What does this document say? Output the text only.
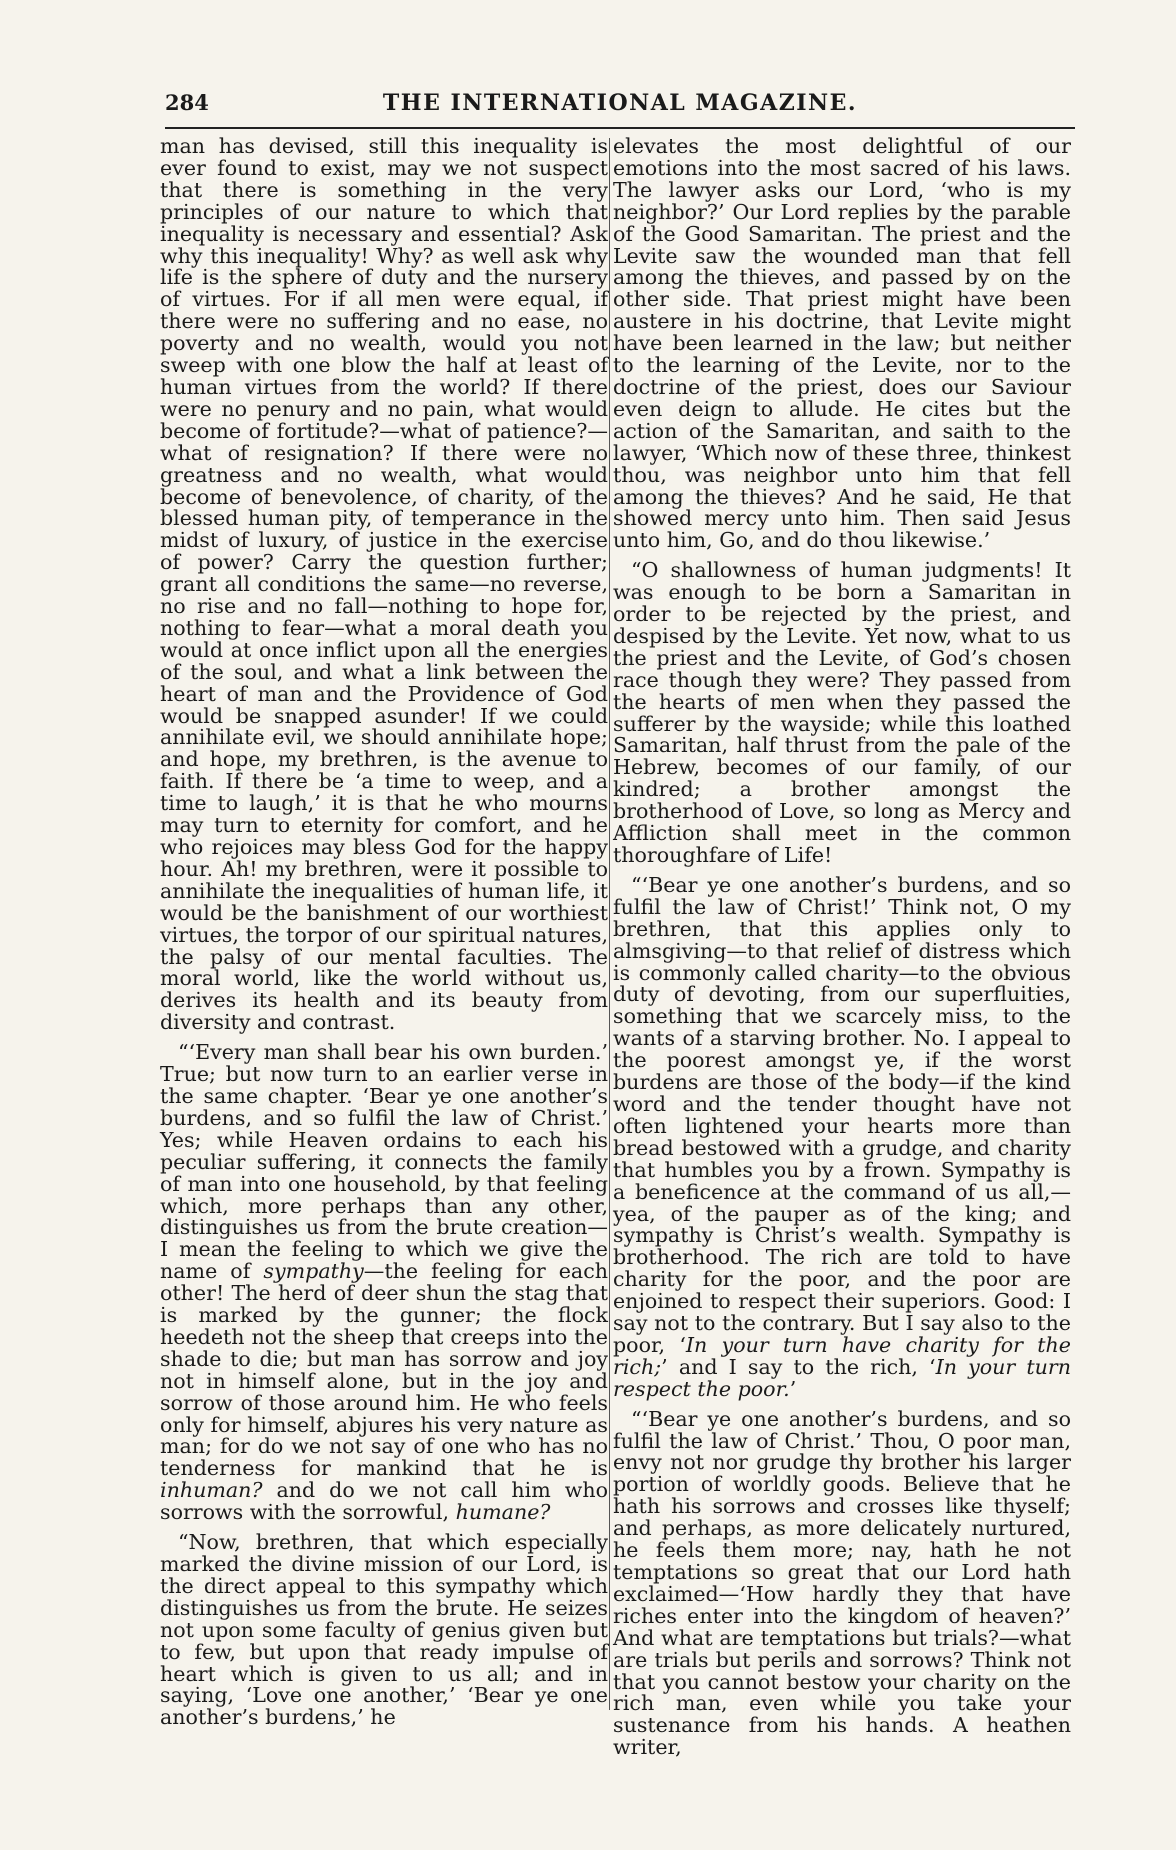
284	THE INTERNATIONAL MAGAZINE.

man has devised, still this inequality is ever found to exist, may we not suspect that there is something in the very principles of our nature to which that inequality is necessary and essential? Ask why this inequality! Why? as well ask why life is the sphere of duty and the nursery of virtues. For if all men were equal, if there were no suffering and no ease, no poverty and no wealth, would you not sweep with one blow the half at least of human virtues from the world? If there were no penury and no pain, what would become of fortitude?—what of patience?—what of resignation? If there were no greatness and no wealth, what would become of benevolence, of charity, of the blessed human pity, of temperance in the midst of luxury, of justice in the exercise of power? Carry the question further; grant all conditions the same—no reverse, no rise and no fall—nothing to hope for, nothing to fear—what a moral death you would at once inflict upon all the energies of the soul, and what a link between the heart of man and the Providence of God would be snapped asunder! If we could annihilate evil, we should annihilate hope; and hope, my brethren, is the avenue to faith. If there be ‘a time to weep, and a time to laugh,’ it is that he who mourns may turn to eternity for comfort, and he who rejoices may bless God for the happy hour. Ah! my brethren, were it possible to annihilate the inequalities of human life, it would be the banishment of our worthiest virtues, the torpor of our spiritual natures, the palsy of our mental faculties. The moral world, like the world without us, derives its health and its beauty from diversity and contrast.

“‘Every man shall bear his own burden.’ True; but now turn to an earlier verse in the same chapter. ‘Bear ye one another’s burdens, and so fulfil the law of Christ.’ Yes; while Heaven ordains to each his peculiar suffering, it connects the family of man into one household, by that feeling which, more perhaps than any other, distinguishes us from the brute creation—I mean the feeling to which we give the name of sympathy—the feeling for each other! The herd of deer shun the stag that is marked by the gunner; the flock heedeth not the sheep that creeps into the shade to die; but man has sorrow and joy not in himself alone, but in the joy and sorrow of those around him. He who feels only for himself, abjures his very nature as man; for do we not say of one who has no tenderness for mankind that he is inhuman? and do we not call him who sorrows with the sorrowful, humane?

“Now, brethren, that which especially marked the divine mission of our Lord, is the direct appeal to this sympathy which distinguishes us from the brute. He seizes not upon some faculty of genius given but to few, but upon that ready impulse of heart which is given to us all; and in saying, ‘Love one another,’ ‘Bear ye one another’s burdens,’ he

elevates the most delightful of our emotions into the most sacred of his laws. The lawyer asks our Lord, ‘who is my neighbor?’ Our Lord replies by the parable of the Good Samaritan. The priest and the Levite saw the wounded man that fell among the thieves, and passed by on the other side. That priest might have been austere in his doctrine, that Levite might have been learned in the law; but neither to the learning of the Levite, nor to the doctrine of the priest, does our Saviour even deign to allude. He cites but the action of the Samaritan, and saith to the lawyer, ‘Which now of these three, thinkest thou, was neighbor unto him that fell among the thieves? And he said, He that showed mercy unto him. Then said Jesus unto him, Go, and do thou likewise.’

“O shallowness of human judgments! It was enough to be born a Samaritan in order to be rejected by the priest, and despised by the Levite. Yet now, what to us the priest and the Levite, of God’s chosen race though they were? They passed from the hearts of men when they passed the sufferer by the wayside; while this loathed Samaritan, half thrust from the pale of the Hebrew, becomes of our family, of our kindred; a brother amongst the brotherhood of Love, so long as Mercy and Affliction shall meet in the common thoroughfare of Life!

“‘Bear ye one another’s burdens, and so fulfil the law of Christ!’ Think not, O my brethren, that this applies only to almsgiving—to that relief of distress which is commonly called charity—to the obvious duty of devoting, from our superfluities, something that we scarcely miss, to the wants of a starving brother. No. I appeal to the poorest amongst ye, if the worst burdens are those of the body—if the kind word and the tender thought have not often lightened your hearts more than bread bestowed with a grudge, and charity that humbles you by a frown. Sympathy is a beneficence at the command of us all,—yea, of the pauper as of the king; and sympathy is Christ’s wealth. Sympathy is brotherhood. The rich are told to have charity for the poor, and the poor are enjoined to respect their superiors. Good: I say not to the contrary. But I say also to the poor, ‘In your turn have charity for the rich;’ and I say to the rich, ‘In your turn respect the poor.’

“‘Bear ye one another’s burdens, and so fulfil the law of Christ.’ Thou, O poor man, envy not nor grudge thy brother his larger portion of worldly goods. Believe that he hath his sorrows and crosses like thyself; and perhaps, as more delicately nurtured, he feels them more; nay, hath he not temptations so great that our Lord hath exclaimed—‘How hardly they that have riches enter into the kingdom of heaven?’ And what are temptations but trials?—what are trials but perils and sorrows? Think not that you cannot bestow your charity on the rich man, even while you take your sustenance from his hands. A heathen writer,
